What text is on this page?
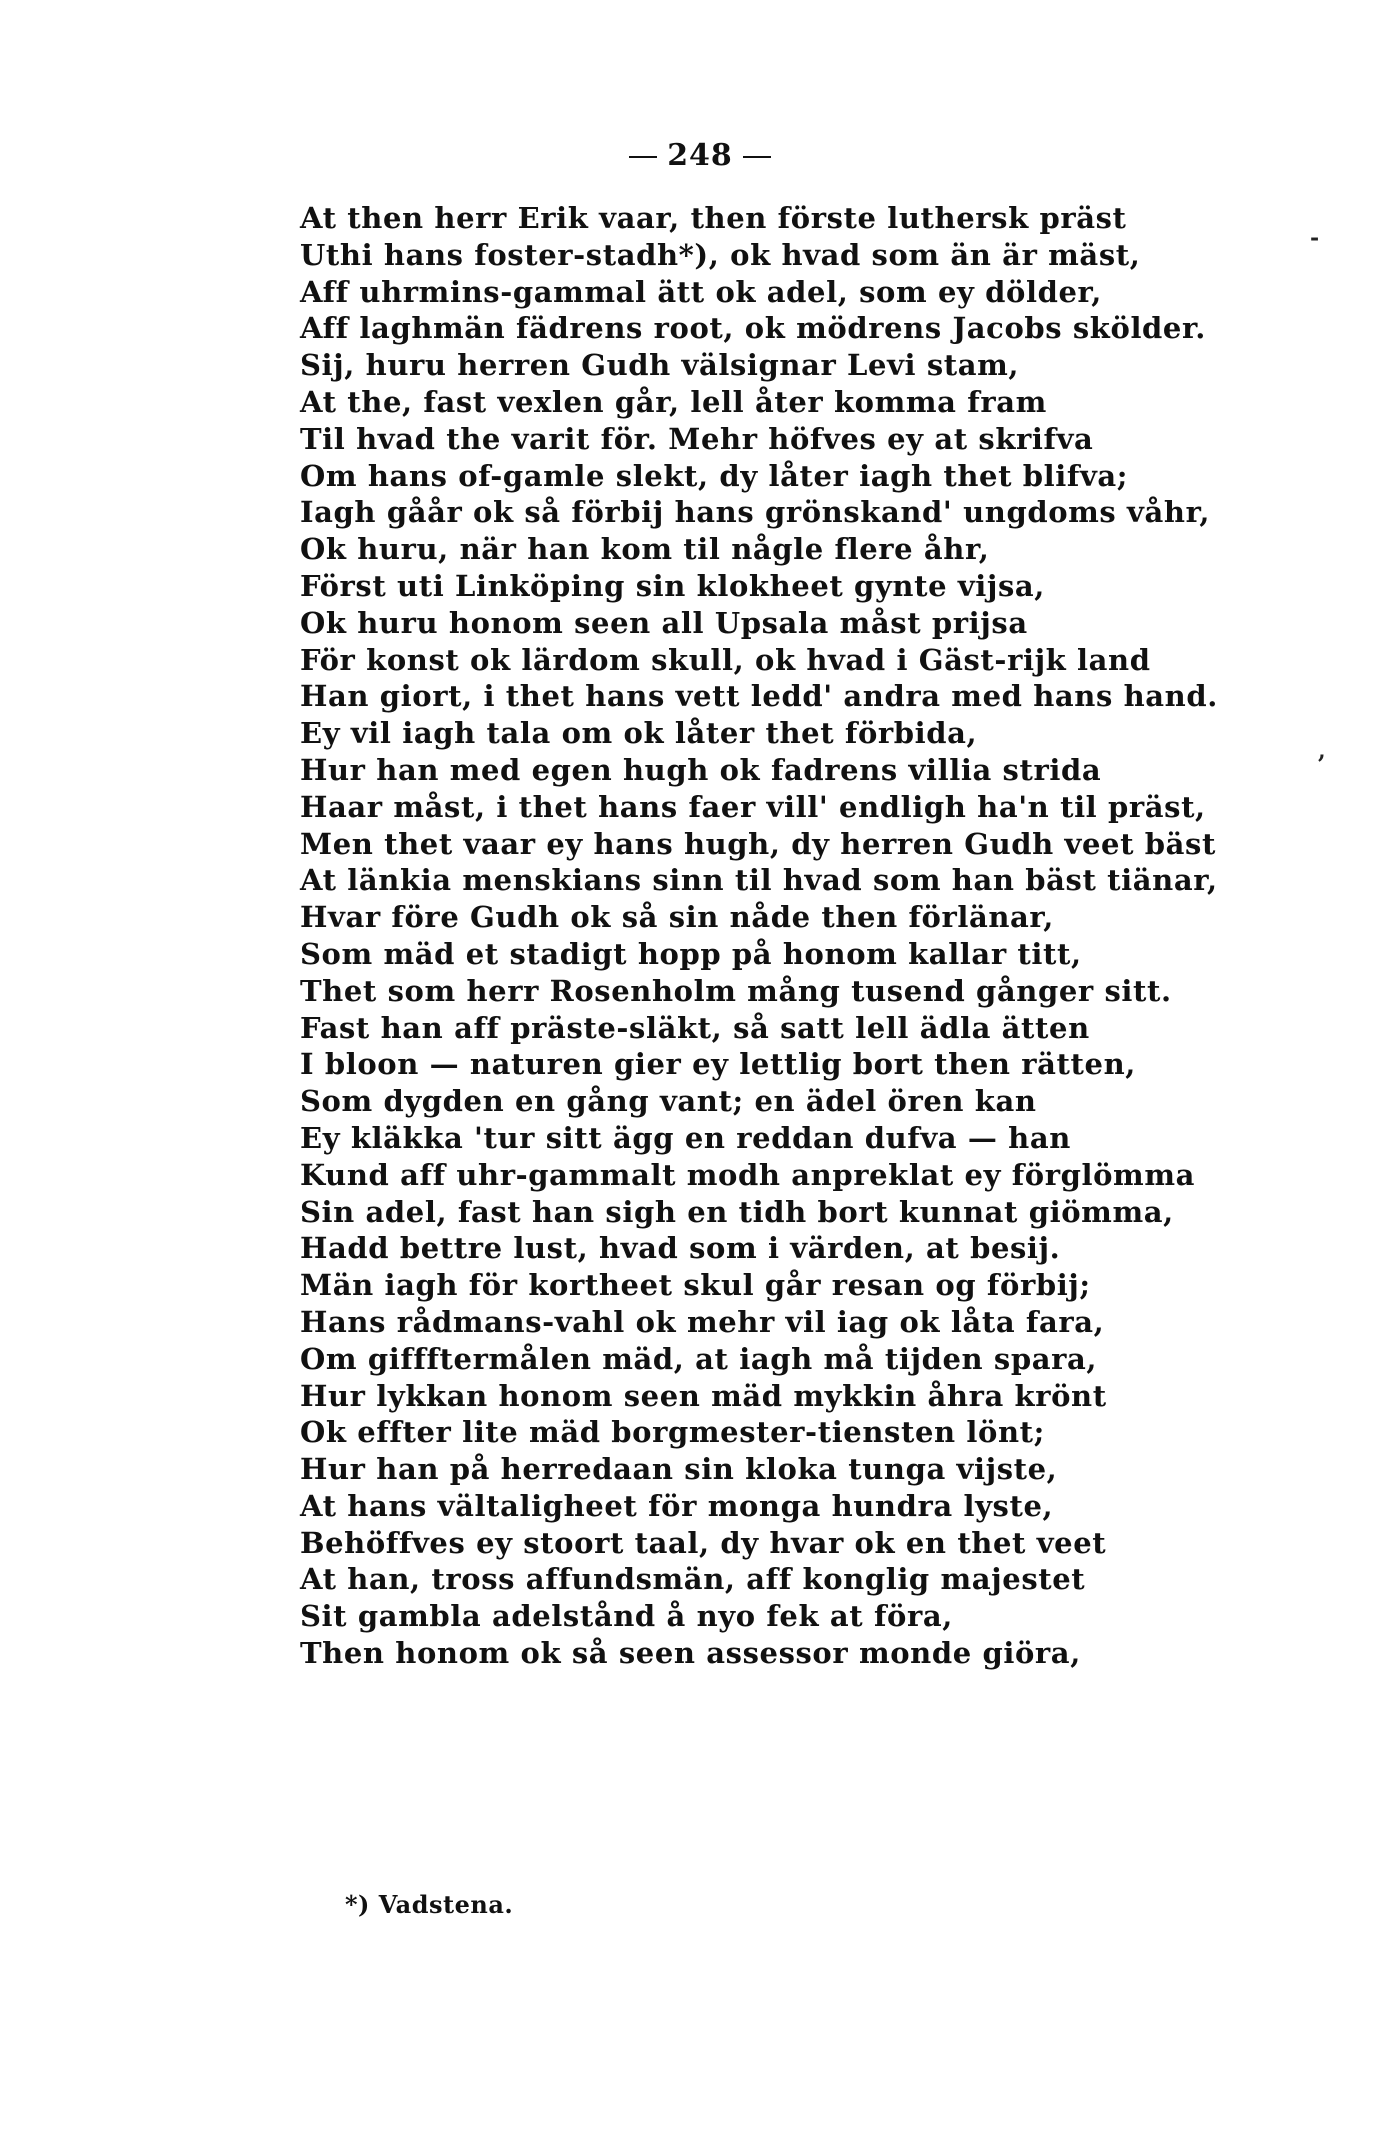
248
At then herr Erik vaar, then förste luthersk präst
Uthi hans foster-stadh*), ok hvad som än är mäst,
Aff uhrmins-gammal ätt ok adel, som ey dölder,
Aff laghmän fädrens root, ok mödrens Jacobs skölder.
Sij, huru herren Gudh välsignar Levi stam,
At the, fast vexlen går, lell åter komma fram
Til hvad the varit för. Mehr höfves ey at skrifva
Om hans of-gamle slekt, dy låter iagh thet blifva;
Iagh gåår ok så förbij hans grönskand' ungdoms våhr,
Ok huru, när han kom til någle flere åhr,
Först uti Linköping sin klokheet gynte vijsa,
Ok huru honom seen all Upsala måst prijsa
För konst ok lärdom skull, ok hvad i Gäst-rijk land
Han giort, i thet hans vett ledd' andra med hans hand.
Ey vil iagh tala om ok låter thet förbida,
Hur han med egen hugh ok fadrens villia strida
Haar måst, i thet hans faer vill' endligh ha'n til präst,
Men thet vaar ey hans hugh, dy herren Gudh veet bäst
At länkia menskians sinn til hvad som han bäst tiänar,
Hvar före Gudh ok så sin nåde then förlänar,
Som mäd et stadigt hopp på honom kallar titt,
Thet som herr Rosenholm mång tusend gånger sitt.
Fast han aff präste-släkt, så satt lell ädla ätten
I bloon — naturen gier ey lettlig bort then rätten,
Som dygden en gång vant; en ädel ören kan
Ey kläkka 'tur sitt ägg en reddan dufva — han
Kund aff uhr-gammalt modh anpreklat ey förglömma
Sin adel, fast han sigh en tidh bort kunnat giömma,
Hadd bettre lust, hvad som i värden, at besij.
Män iagh för kortheet skul går resan og förbij;
Hans rådmans-vahl ok mehr vil iag ok låta fara,
Om giffftermålen mäd, at iagh må tijden spara,
Hur lykkan honom seen mäd mykkin åhra krönt
Ok effter lite mäd borgmester-tiensten lönt;
Hur han på herredaan sin kloka tunga vijste,
At hans vältaligheet för monga hundra lyste,
Behöffves ey stoort taal, dy hvar ok en thet veet
At han, tross affundsmän, aff konglig majestet
Sit gambla adelstånd å nyo fek at föra,
Then honom ok så seen assessor monde giöra,
-
,
*) Vadstena.
